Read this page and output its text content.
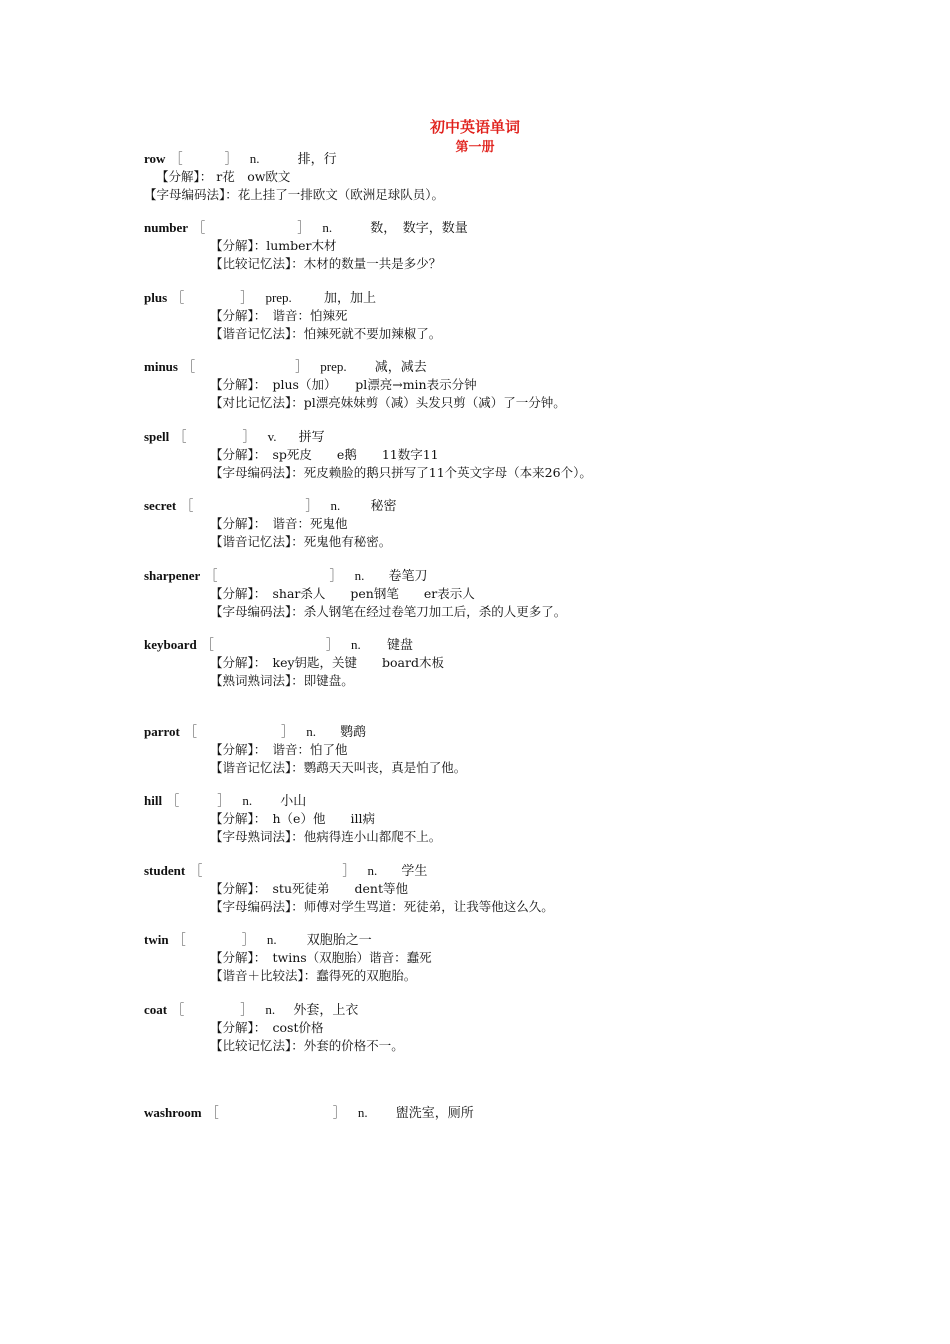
初中英语单词
第一册
row ［	］ n.	排，行
【分解】： r花　ow欧文
【字母编码法】：花上挂了一排欧文（欧洲足球队员）。
number ［	］ n.	数，　数字，数量
【分解】：lumber木材
【比较记忆法】：木材的数量一共是多少？
plus ［	］ prep. 加，加上
【分解】：　谐音：怕辣死
【谐音记忆法】：怕辣死就不要加辣椒了。
minus ［	］ prep. 减，减去
【分解】：　plus（加）　　pl漂亮→min表示分钟
【对比记忆法】：pl漂亮妹妹剪（减）头发只剪（减）了一分钟。
spell ［	］ v. 拼写
【分解】：　sp死皮　　e鹅　　11数字11
【字母编码法】：死皮赖脸的鹅只拼写了11个英文字母（本来26个）。
secret ［	］ n. 秘密
【分解】：　谐音：死鬼他
【谐音记忆法】：死鬼他有秘密。
sharpener ［	］ n. 卷笔刀
【分解】：　shar杀人　　pen钢笔　　er表示人
【字母编码法】：杀人钢笔在经过卷笔刀加工后，杀的人更多了。
keyboard ［	］ n. 键盘
【分解】：　key钥匙，关键　　board木板
【熟词熟词法】：即键盘。
parrot ［	］ n. 鹦鹉
【分解】：　谐音：怕了他
【谐音记忆法】：鹦鹉天天叫丧，真是怕了他。
hill ［	］ n. 小山
【分解】：　h（e）他　　ill病
【字母熟词法】：他病得连小山都爬不上。
student ［	］ n. 学生
【分解】：　stu死徒弟　　dent等他
【字母编码法】：师傅对学生骂道：死徒弟，让我等他这么久。
twin ［	］ n. 双胞胎之一
【分解】：　twins（双胞胎）谐音：蠢死
【谐音＋比较法】：蠢得死的双胞胎。
coat ［	］ n. 外套，上衣
【分解】：　cost价格
【比较记忆法】：外套的价格不一。
washroom ［	］ n. 盥洗室，厕所
